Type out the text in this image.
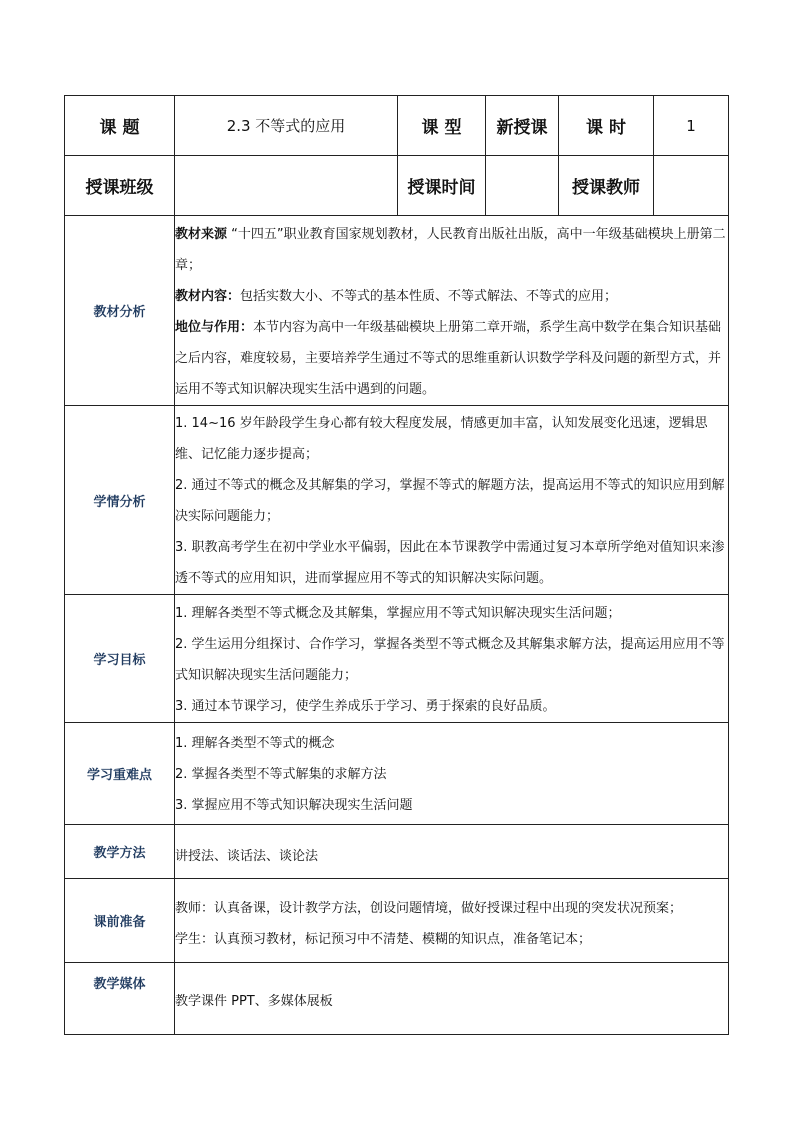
课 题	2.3 不等式的应用	课 型	新授课	课 时	1
授课班级		授课时间		授课教师	
教材分析	教材来源 “十四五”职业教育国家规划教材，人民教育出版社出版，高中一年级基础模块上册第二章；
教材内容：包括实数大小、不等式的基本性质、不等式解法、不等式的应用；
地位与作用：本节内容为高中一年级基础模块上册第二章开端，系学生高中数学在集合知识基础之后内容，难度较易，主要培养学生通过不等式的思维重新认识数学学科及问题的新型方式，并运用不等式知识解决现实生活中遇到的问题。				

学情分析	1. 14~16 岁年龄段学生身心都有较大程度发展，情感更加丰富，认知发展变化迅速，逻辑思维、记忆能力逐步提高；
2. 通过不等式的概念及其解集的学习，掌握不等式的解题方法，提高运用不等式的知识应用到解决实际问题能力；
3. 职教高考学生在初中学业水平偏弱，因此在本节课教学中需通过复习本章所学绝对值知识来渗透不等式的应用知识，进而掌握应用不等式的知识解决实际问题。				

学习目标	1. 理解各类型不等式概念及其解集，掌握应用不等式知识解决现实生活问题；
2. 学生运用分组探讨、合作学习，掌握各类型不等式概念及其解集求解方法，提高运用应用不等式知识解决现实生活问题能力；
3. 通过本节课学习，使学生养成乐于学习、勇于探索的良好品质。				

学习重难点	1. 理解各类型不等式的概念
2. 掌握各类型不等式解集的求解方法
3. 掌握应用不等式知识解决现实生活问题				

教学方法	讲授法、谈话法、谈论法				
课前准备	教师：认真备课，设计教学方法，创设问题情境，做好授课过程中出现的突发状况预案；
学生：认真预习教材，标记预习中不清楚、模糊的知识点，准备笔记本；				

教学媒体	教学课件 PPT、多媒体展板				
